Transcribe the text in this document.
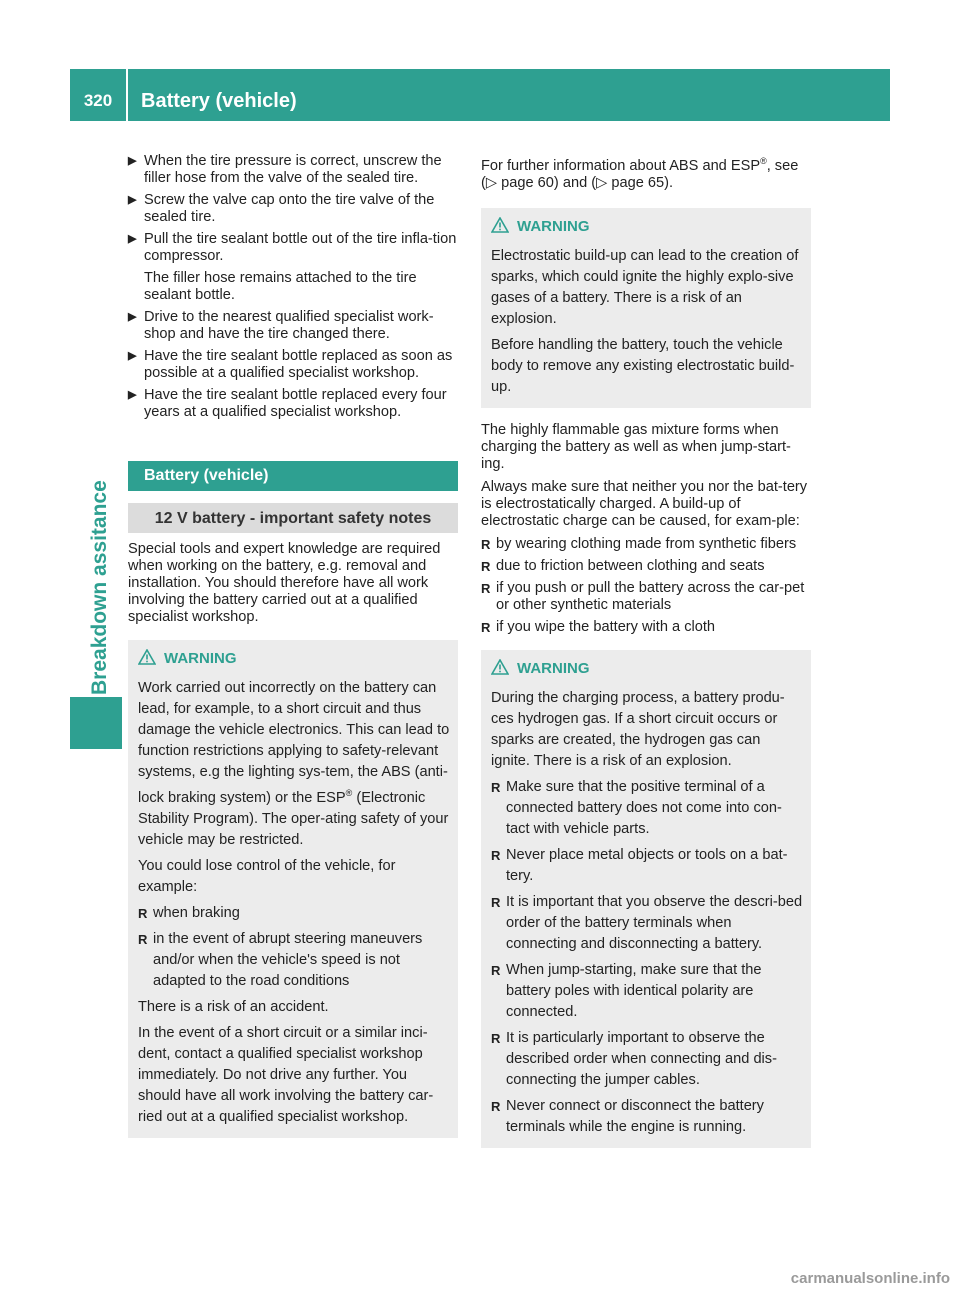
320	Battery (vehicle)
Breakdown assitance
▶ When the tire pressure is correct, unscrew the filler hose from the valve of the sealed tire.
▶ Screw the valve cap onto the tire valve of the sealed tire.
▶ Pull the tire sealant bottle out of the tire infla-tion compressor.
The filler hose remains attached to the tire sealant bottle.
▶ Drive to the nearest qualified specialist work-shop and have the tire changed there.
▶ Have the tire sealant bottle replaced as soon as possible at a qualified specialist workshop.
▶ Have the tire sealant bottle replaced every four years at a qualified specialist workshop.
Battery (vehicle)
12 V battery - important safety notes
Special tools and expert knowledge are required when working on the battery, e.g. removal and installation. You should therefore have all work involving the battery carried out at a qualified specialist workshop.
WARNING

Work carried out incorrectly on the battery can lead, for example, to a short circuit and thus damage the vehicle electronics. This can lead to function restrictions applying to safety-relevant systems, e.g the lighting sys-tem, the ABS (anti-lock braking system) or the ESP® (Electronic Stability Program). The oper-ating safety of your vehicle may be restricted.

You could lose control of the vehicle, for example:

R when braking
R in the event of abrupt steering maneuvers and/or when the vehicle's speed is not adapted to the road conditions

There is a risk of an accident.

In the event of a short circuit or a similar inci-dent, contact a qualified specialist workshop immediately. Do not drive any further. You should have all work involving the battery car-ried out at a qualified specialist workshop.

For further information about ABS and ESP®, see (▷ page 60) and (▷ page 65).

WARNING

Electrostatic build-up can lead to the creation of sparks, which could ignite the highly explo-sive gases of a battery. There is a risk of an explosion.

Before handling the battery, touch the vehicle body to remove any existing electrostatic build-up.

The highly flammable gas mixture forms when charging the battery as well as when jump-start-ing.

Always make sure that neither you nor the bat-tery is electrostatically charged. A build-up of electrostatic charge can be caused, for exam-ple:

R by wearing clothing made from synthetic fibers
R due to friction between clothing and seats
R if you push or pull the battery across the car-pet or other synthetic materials
R if you wipe the battery with a cloth
WARNING

During the charging process, a battery produ-ces hydrogen gas. If a short circuit occurs or sparks are created, the hydrogen gas can ignite. There is a risk of an explosion.

R Make sure that the positive terminal of a connected battery does not come into con-tact with vehicle parts.
R Never place metal objects or tools on a bat-tery.
R It is important that you observe the descri-bed order of the battery terminals when connecting and disconnecting a battery.
R When jump-starting, make sure that the battery poles with identical polarity are connected.
R It is particularly important to observe the described order when connecting and dis-connecting the jumper cables.
R Never connect or disconnect the battery terminals while the engine is running.
carmanualsonline.info
